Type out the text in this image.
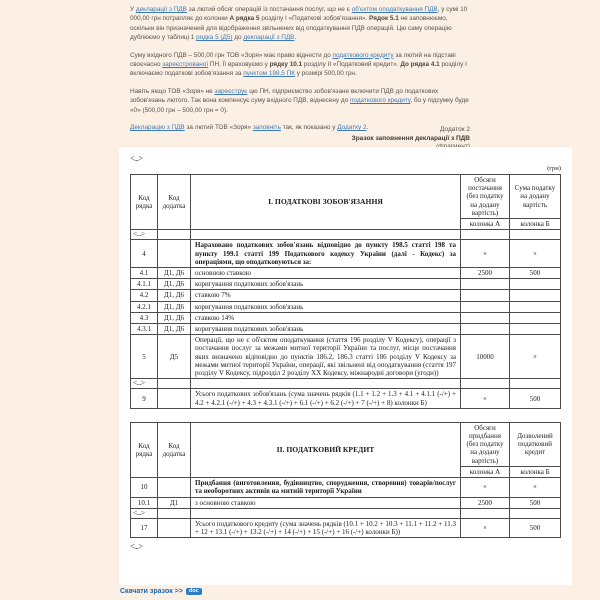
У декларації з ПДВ за лютий обсяг операцій із постачання послуг, що не є об'єктом оподаткування ПДВ, у сумі 10 000,00 грн потрапляє до колонки А рядка 5 розділу І «Податкові зобов'язання». Рядок 5.1 не заповнюємо, оскільки він призначений для відображення звільнених від оподаткування ПДВ операцій. Цю саму операцію дублюємо у таблиці 1 рядка 5 (Д5) до декларації з ПДВ.

Суму вхідного ПДВ – 500,00 грн ТОВ «Зоря» має право віднести до податкового кредиту за лютий на підставі своєчасно зареєстрованої ПН. Її враховуємо у рядку 10.1 розділу ІІ «Податковий кредит». До рядка 4.1 розділу І включаємо податкові зобов'язання за пунктом 198.5 ПК у розмірі 500,00 грн.

Навіть якщо ТОВ «Зоря» не зареєструє цю ПН, підприємство зобов'язане включити ПДВ до податкових зобов'язань лютого. Так вона компенсує суму вхідного ПДВ, віднесену до податкового кредиту, бо у підсумку буде «0» (500,00 грн – 500,00 грн = 0).

Декларацію з ПДВ за лютий ТОВ «Зоря» заповніть так, як показано у Додатку 2.	Додаток 2
Зразок заповнення декларації з ПДВ
<...>
(грн)
Код рядка	Код додатка	І. ПОДАТКОВІ ЗОБОВ'ЯЗАННЯ	Обсяги постачання (без податку на додану вартість)	Сума податку на додану вартість
			колонка А	колонка Б
<...>				
4		Нараховано податкових зобов'язань відповідно до пункту 198.5 статті 198 та пункту 199.1 статті 199 Податкового кодексу України (далі - Кодекс) за операціями, що оподатковуються за:	×	×
4.1	Д1, Д6	основною ставкою	2500	500
4.1.1	Д1, Д6	коригування податкових зобов'язань		
4.2	Д1, Д6	ставкою 7%		
4.2.1	Д1, Д6	коригування податкових зобов'язань		
4.3	Д1, Д6	ставкою 14%		
4.3.1	Д1, Д6	коригування податкових зобов'язань		
5	Д5	Операції, що не є об'єктом оподаткування (стаття 196 розділу V Кодексу), операції з постачання послуг за межами митної території України та послуг, місце постачання яких визначено відповідно до пунктів 186.2, 186.3 статті 186 розділу V Кодексу за межами митної території України, операції, які звільнені від оподаткування (стаття 197 розділу V Кодексу, підрозділ 2 розділу XX Кодексу, міжнародні договори (угоди))	10000	×
<...>				
9		Усього податкових зобов'язань (сума значень рядків (1.1 + 1.2 + 1.3 + 4.1 + 4.1.1 (-/+) + 4.2 + 4.2.1 (-/+) + 4.3 + 4.3.1 (-/+) + 6.1 (-/+) + 6.2 (-/+) + 7 (-/+) + 8) колонки Б)	×	500
Код рядка	Код додатка	ІІ. ПОДАТКОВИЙ КРЕДИТ	Обсяги придбання (без податку на додану вартість)	Дозволений податковий кредит
			колонка А	колонка Б
10		Придбання (виготовлення, будівництво, спорудження, створення) товарів/послуг та необоротних активів на митній території України	×	×
10.1	Д1	з основною ставкою	2500	500
<...>				
17		Усього податкового кредиту (сума значень рядків (10.1 + 10.2 + 10.3 + 11.1 + 11.2 + 11.3 + 12 + 13.1 (-/+) + 13.2 (-/+) + 14 (-/+) + 15 (-/+) + 16 (-/+) колонки Б))	×	500
<...>
Скачати зразок >>	doc
